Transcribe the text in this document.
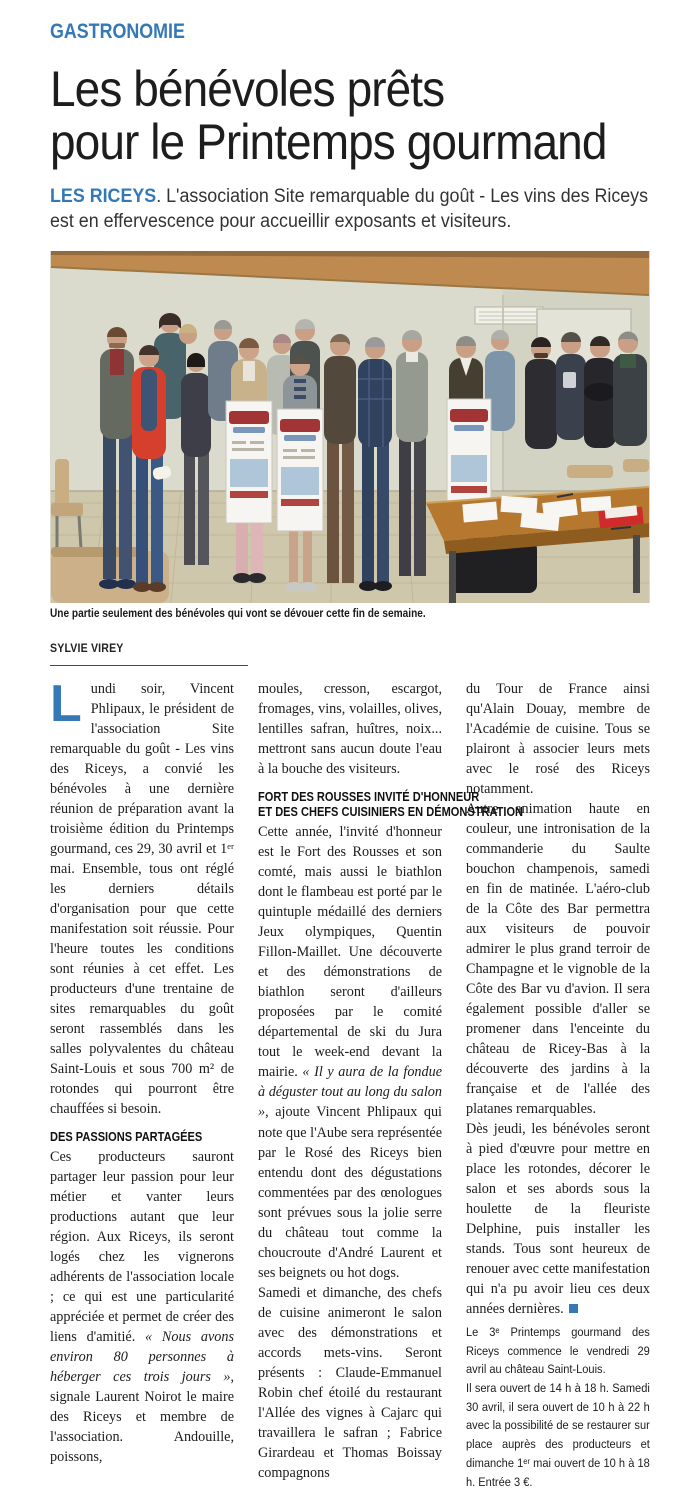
GASTRONOMIE
Les bénévoles prêts
pour le Printemps gourmand
LES RICEYS. L'association Site remarquable du goût - Les vins des Riceys est en effervescence pour accueillir exposants et visiteurs.
Une partie seulement des bénévoles qui vont se dévouer cette fin de semaine.
SYLVIE VIREY

Lundi soir, Vincent Phlipaux, le président de l'association Site remarquable du goût - Les vins des Riceys, a convié les bénévoles à une dernière réunion de préparation avant la troisième édition du Printemps gourmand, ces 29, 30 avril et 1ᵉʳ mai. Ensemble, tous ont réglé les derniers détails d'organisation pour que cette manifestation soit réussie. Pour l'heure toutes les conditions sont réunies à cet effet. Les producteurs d'une trentaine de sites remarquables du goût seront rassemblés dans les salles polyvalentes du château Saint-Louis et sous 700 m² de rotondes qui pourront être chauffées si besoin.

DES PASSIONS PARTAGÉES

Ces producteurs sauront partager leur passion pour leur métier et vanter leurs productions autant que leur région. Aux Riceys, ils seront logés chez les vignerons adhérents de l'association locale ; ce qui est une particularité appréciée et permet de créer des liens d'amitié. « Nous avons environ 80 personnes à héberger ces trois jours », signale Laurent Noirot le maire des Riceys et membre de l'association. Andouille, poissons,

moules, cresson, escargot, fromages, vins, volailles, olives, lentilles safran, huîtres, noix... mettront sans aucun doute l'eau à la bouche des visiteurs.

FORT DES ROUSSES INVITÉ D'HONNEUR
ET DES CHEFS CUISINIERS EN DÉMONSTRATION

Cette année, l'invité d'honneur est le Fort des Rousses et son comté, mais aussi le biathlon dont le flambeau est porté par le quintuple médaillé des derniers Jeux olympiques, Quentin Fillon-Maillet. Une découverte et des démonstrations de biathlon seront d'ailleurs proposées par le comité départemental de ski du Jura tout le week-end devant la mairie. « Il y aura de la fondue à déguster tout au long du salon », ajoute Vincent Phlipaux qui note que l'Aube sera représentée par le Rosé des Riceys bien entendu dont des dégustations commentées par des œnologues sont prévues sous la jolie serre du château tout comme la choucroute d'André Laurent et ses beignets ou hot dogs.

Samedi et dimanche, des chefs de cuisine animeront le salon avec des démonstrations et accords mets-vins. Seront présents : Claude-Emmanuel Robin chef étoilé du restaurant l'Allée des vignes à Cajarc qui travaillera le safran ; Fabrice Girardeau et Thomas Boissay compagnons

du Tour de France ainsi qu'Alain Douay, membre de l'Académie de cuisine. Tous se plairont à associer leurs mets avec le rosé des Riceys notamment.

Autre animation haute en couleur, une intronisation de la commanderie du Saulte bouchon champenois, samedi en fin de matinée. L'aéro-club de la Côte des Bar permettra aux visiteurs de pouvoir admirer le plus grand terroir de Champagne et le vignoble de la Côte des Bar vu d'avion. Il sera également possible d'aller se promener dans l'enceinte du château de Ricey-Bas à la découverte des jardins à la française et de l'allée des platanes remarquables.

Dès jeudi, les bénévoles seront à pied d'œuvre pour mettre en place les rotondes, décorer le salon et ses abords sous la houlette de la fleuriste Delphine, puis installer les stands. Tous sont heureux de renouer avec cette manifestation qui n'a pu avoir lieu ces deux années dernières.

Le 3ᵉ Printemps gourmand des Riceys commence le vendredi 29 avril au château Saint-Louis.

Il sera ouvert de 14 h à 18 h. Samedi 30 avril, il sera ouvert de 10 h à 22 h avec la possibilité de se restaurer sur place auprès des producteurs et dimanche 1ᵉʳ mai ouvert de 10 h à 18 h. Entrée 3 €.
